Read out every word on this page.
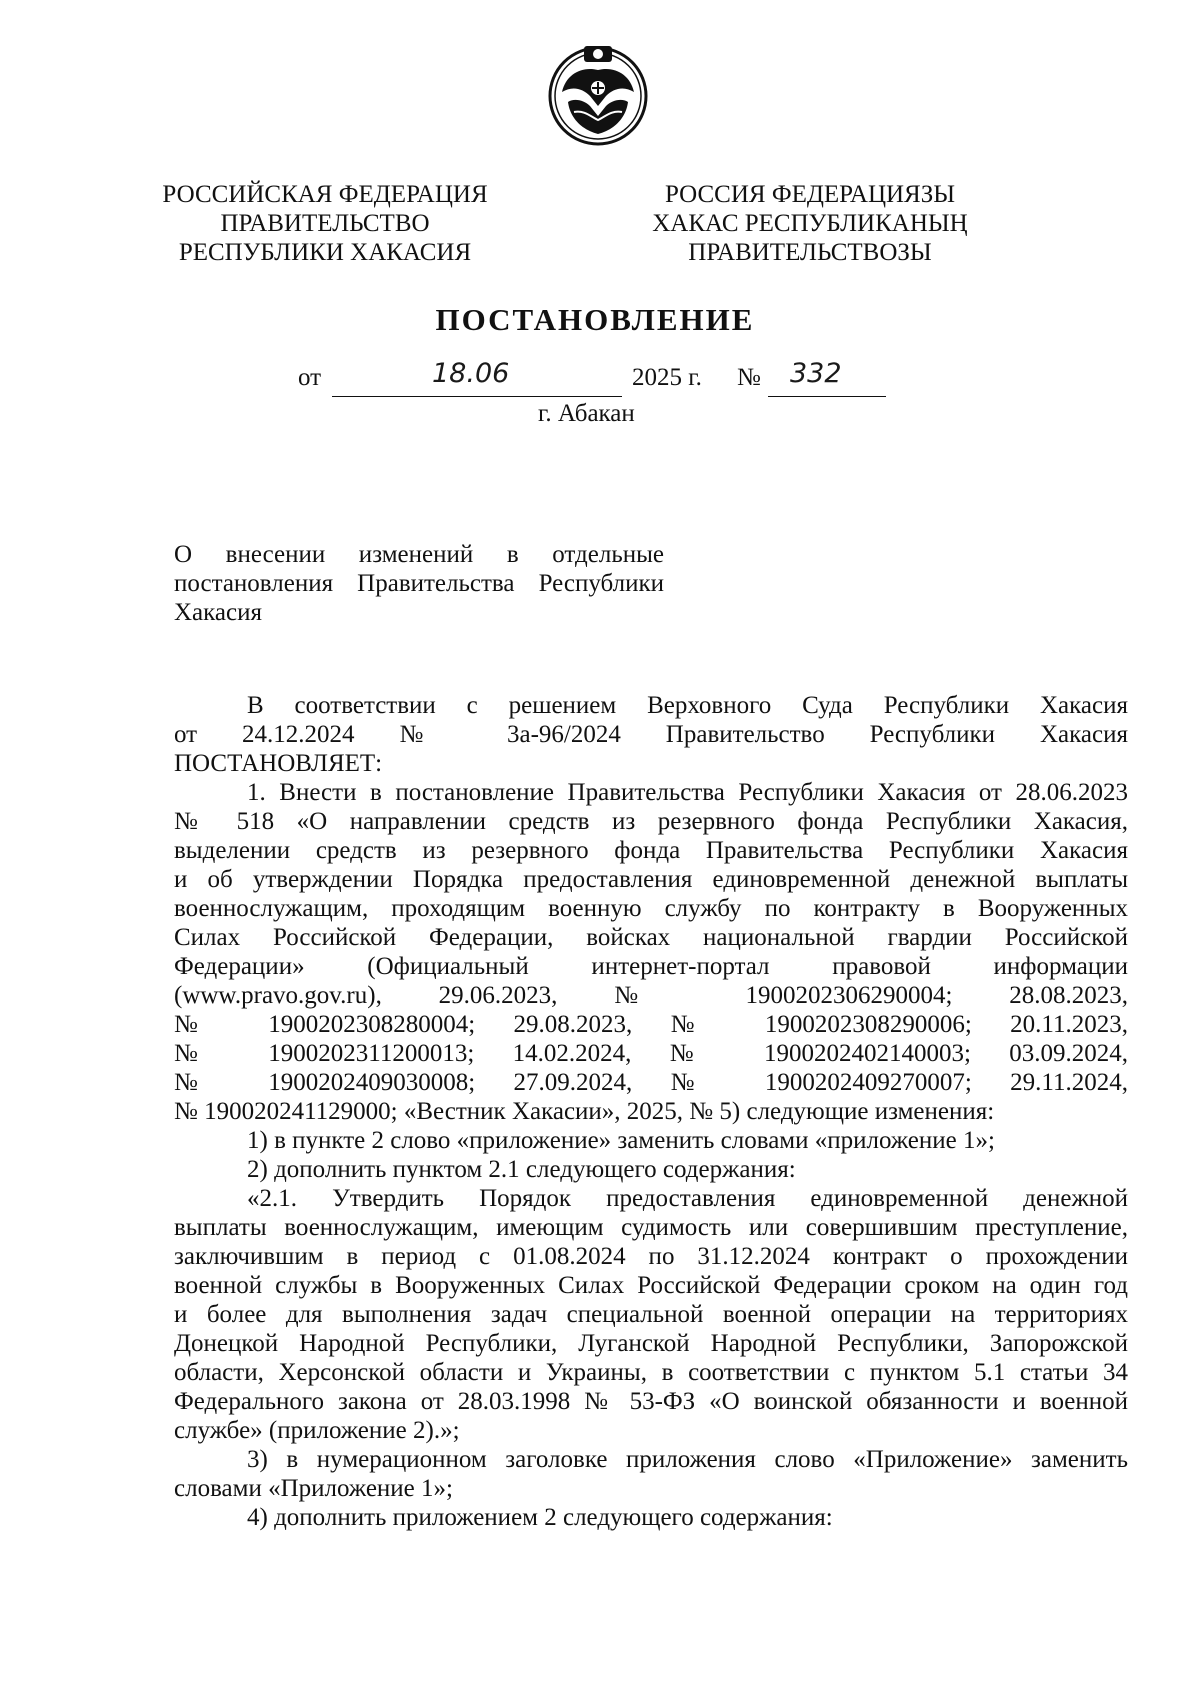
РОССИЙСКАЯ ФЕДЕРАЦИЯ
ПРАВИТЕЛЬСТВО
РЕСПУБЛИКИ ХАКАСИЯ
РОССИЯ ФЕДЕРАЦИЯЗЫ
ХАКАС РЕСПУБЛИКАНЫҢ
ПРАВИТЕЛЬСТВОЗЫ
ПОСТАНОВЛЕНИЕ
от	18.06	2025 г. № 332
г. Абакан
О внесении изменений в отдельные
постановления Правительства Республики
Хакасия
В соответствии с решением Верховного Суда Республики Хакасия
от 24.12.2024 № 3а-96/2024 Правительство Республики Хакасия
ПОСТАНОВЛЯЕТ:
1. Внести в постановление Правительства Республики Хакасия от 28.06.2023
№ 518 «О направлении средств из резервного фонда Республики Хакасия,
выделении средств из резервного фонда Правительства Республики Хакасия
и об утверждении Порядка предоставления единовременной денежной выплаты
военнослужащим, проходящим военную службу по контракту в Вооруженных
Силах Российской Федерации, войсках национальной гвардии Российской
Федерации» (Официальный интернет-портал правовой информации
(www.pravo.gov.ru), 29.06.2023, № 1900202306290004; 28.08.2023,
№ 1900202308280004; 29.08.2023, № 1900202308290006; 20.11.2023,
№ 1900202311200013; 14.02.2024, № 1900202402140003; 03.09.2024,
№ 1900202409030008; 27.09.2024, № 1900202409270007; 29.11.2024,
№ 190020241129000; «Вестник Хакасии», 2025, № 5) следующие изменения:
1) в пункте 2 слово «приложение» заменить словами «приложение 1»;
2) дополнить пунктом 2.1 следующего содержания:
«2.1. Утвердить Порядок предоставления единовременной денежной
выплаты военнослужащим, имеющим судимость или совершившим преступление,
заключившим в период с 01.08.2024 по 31.12.2024 контракт о прохождении
военной службы в Вооруженных Силах Российской Федерации сроком на один год
и более для выполнения задач специальной военной операции на территориях
Донецкой Народной Республики, Луганской Народной Республики, Запорожской
области, Херсонской области и Украины, в соответствии с пунктом 5.1 статьи 34
Федерального закона от 28.03.1998 № 53-ФЗ «О воинской обязанности и военной
службе» (приложение 2).»;
3) в нумерационном заголовке приложения слово «Приложение» заменить
словами «Приложение 1»;
4) дополнить приложением 2 следующего содержания:
